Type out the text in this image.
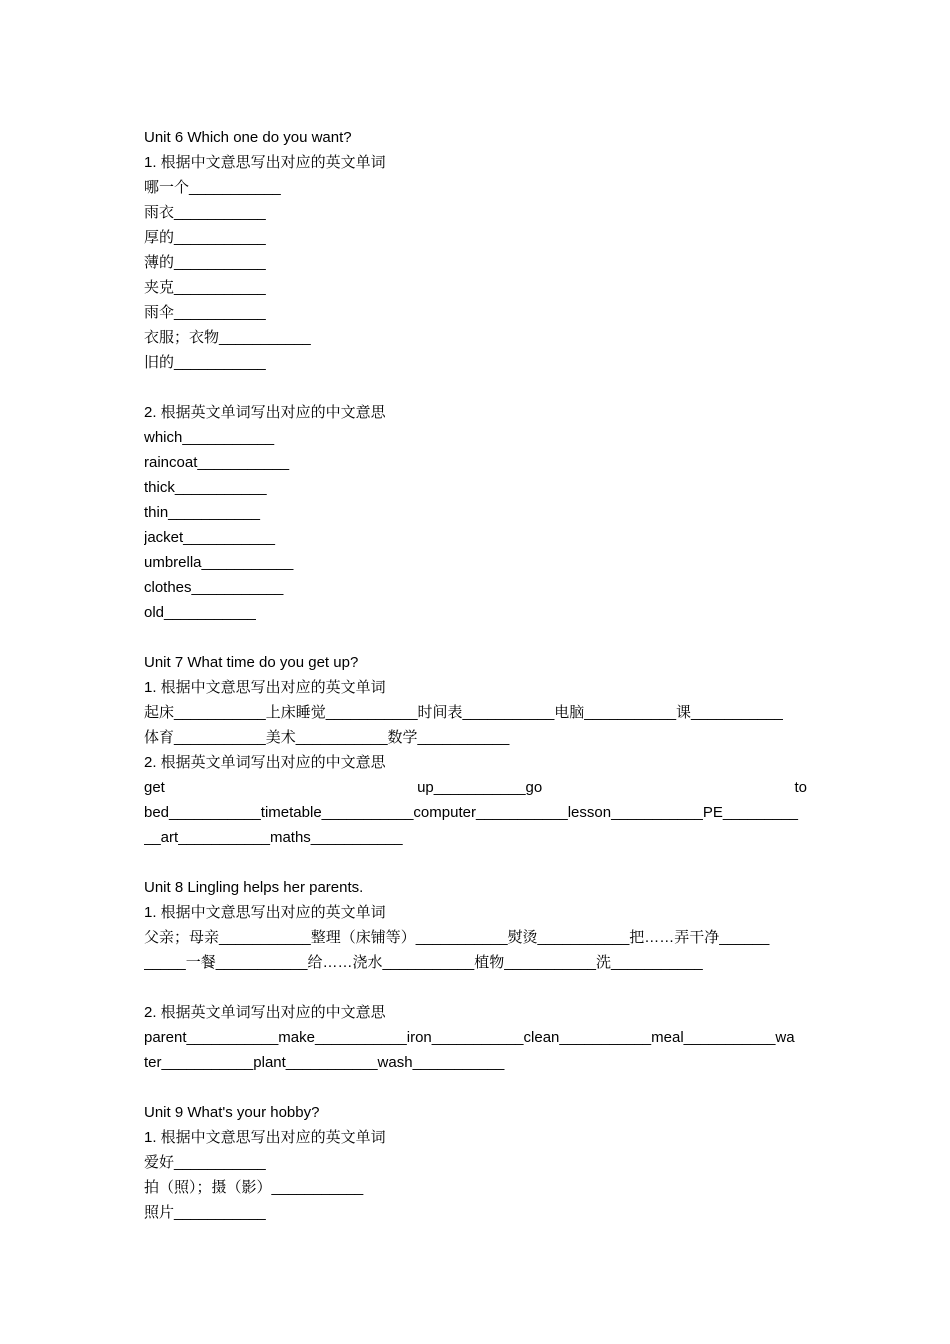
Unit 6 Which one do you want?
1. 根据中文意思写出对应的英文单词
哪一个___________
雨衣___________
厚的___________
薄的___________
夹克___________
雨伞___________
衣服；衣物___________
旧的___________
2. 根据英文单词写出对应的中文意思
which___________
raincoat___________
thick___________
thin___________
jacket___________
umbrella___________
clothes___________
old___________
Unit 7 What time do you get up?
1. 根据中文意思写出对应的英文单词
起床___________上床睡觉___________时间表___________电脑___________课___________
体育___________美术___________数学___________
2. 根据英文单词写出对应的中文意思
get	up___________go	to
bed___________timetable___________computer___________lesson___________PE_________
__art___________maths___________
Unit 8 Lingling helps her parents.
1. 根据中文意思写出对应的英文单词
父亲；母亲___________整理（床铺等）___________熨烫___________把……弄干净______
_____一餐___________给……浇水___________植物___________洗___________
2. 根据英文单词写出对应的中文意思
parent___________make___________iron___________clean___________meal___________wa
ter___________plant___________wash___________
Unit 9 What's your hobby?
1. 根据中文意思写出对应的英文单词
爱好___________
拍（照）；摄（影）___________
照片___________
